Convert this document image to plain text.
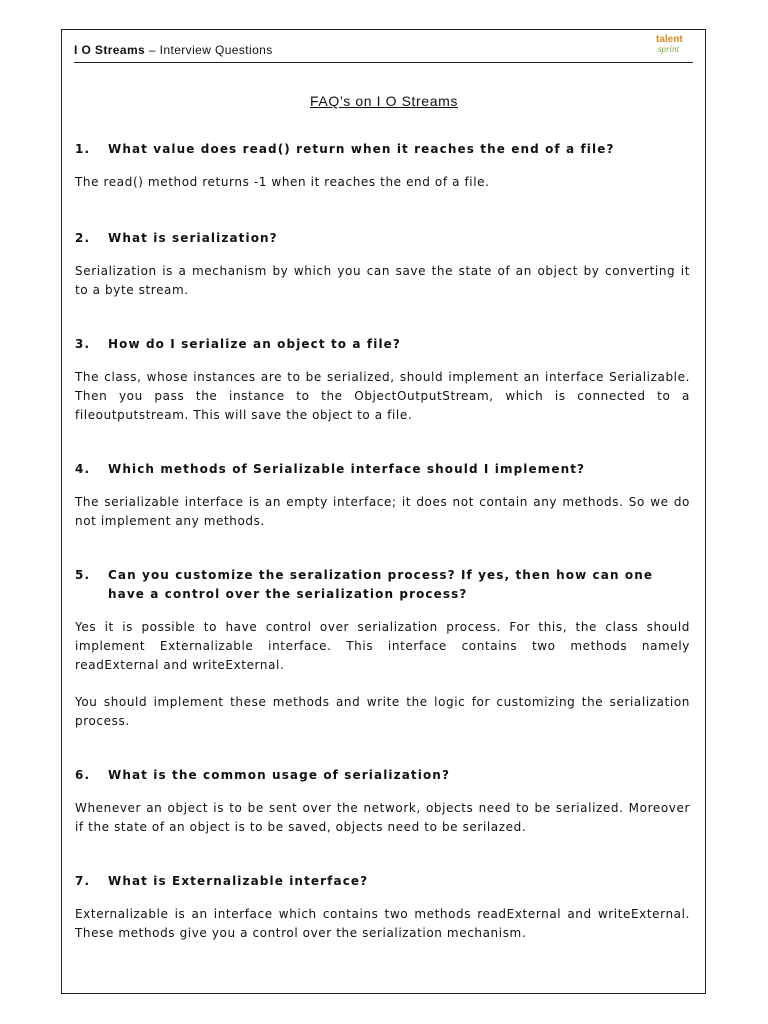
I O Streams – Interview Questions
talent
sprint
FAQ’s on I O Streams
1.	What value does read() return when it reaches the end of a file?
The read() method returns -1 when it reaches the end of a file.
2.	What is serialization?
Serialization is a mechanism by which you can save the state of an object by converting it to a byte stream.
3.	How do I serialize an object to a file?
The class, whose instances are to be serialized, should implement an interface Serializable. Then you pass the instance to the ObjectOutputStream, which is connected to a fileoutputstream. This will save the object to a file.
4.	Which methods of Serializable interface should I implement?
The serializable interface is an empty interface; it does not contain any methods. So we do not implement any methods.
5.	Can you customize the seralization process? If yes, then how can one have a control over the serialization process?
Yes it is possible to have control over serialization process. For this, the class should implement Externalizable interface. This interface contains two methods namely readExternal and writeExternal.
You should implement these methods and write the logic for customizing the serialization process.
6.	What is the common usage of serialization?
Whenever an object is to be sent over the network, objects need to be serialized. Moreover if the state of an object is to be saved, objects need to be serilazed.
7.	What is Externalizable interface?
Externalizable is an interface which contains two methods readExternal and writeExternal. These methods give you a control over the serialization mechanism.
